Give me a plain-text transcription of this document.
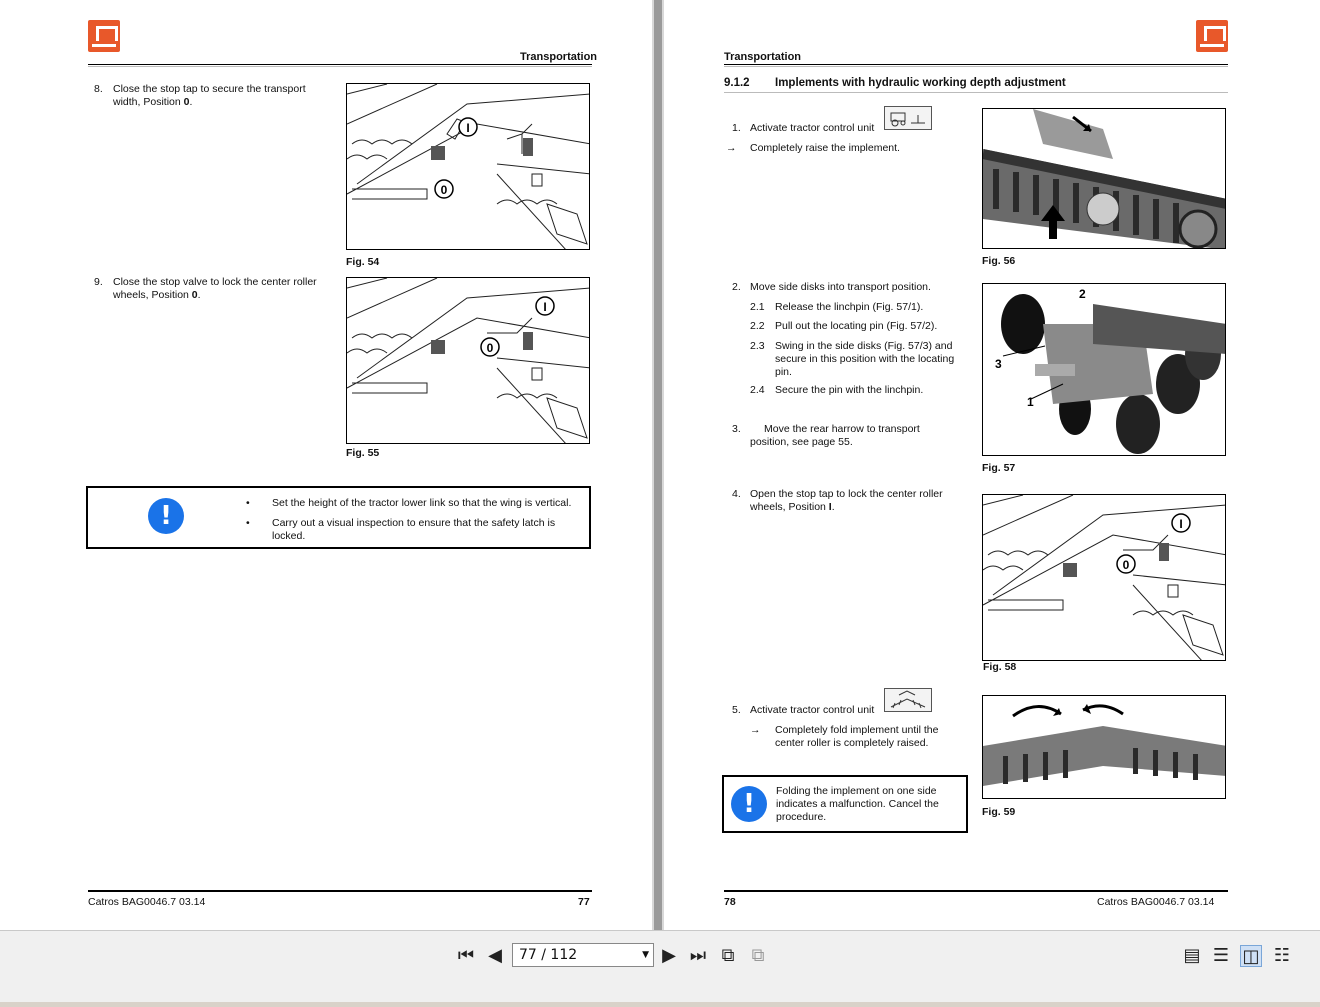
Transportation
8. Close the stop tap to secure the transport width, Position 0.
I
0
Fig. 54
9. Close the stop valve to lock the center roller wheels, Position 0.
I
0
Fig. 55
!	• Set the height of the tractor lower link so that the wing is vertical.
• Carry out a visual inspection to ensure that the safety latch is locked.
Catros BAG0046.7 03.14	77
Transportation
9.1.2 Implements with hydraulic working depth adjustment
1. Activate tractor control unit
→ Completely raise the implement.
Fig. 56
2. Move side disks into transport position.
2.1 Release the linchpin (Fig. 57/1).
2.2 Pull out the locating pin (Fig. 57/2).
2.3 Swing in the side disks (Fig. 57/3) and secure in this position with the locating pin.
2.4 Secure the pin with the linchpin.
3.	Move the rear harrow to transport position, see page 55.
2
3
1
Fig. 57
4. Open the stop tap to lock the center roller wheels, Position I.
I
0
Fig. 58
5. Activate tractor control unit
→ Completely fold implement until the center roller is completely raised.
Fig. 59
!	Folding the implement on one side indicates a malfunction. Cancel the procedure.
78	Catros BAG0046.7 03.14
⏮ ◀	77 / 112	▼ ▶ ⏭ ⧉ ⧉	▤ ☰ ◫ ☷
